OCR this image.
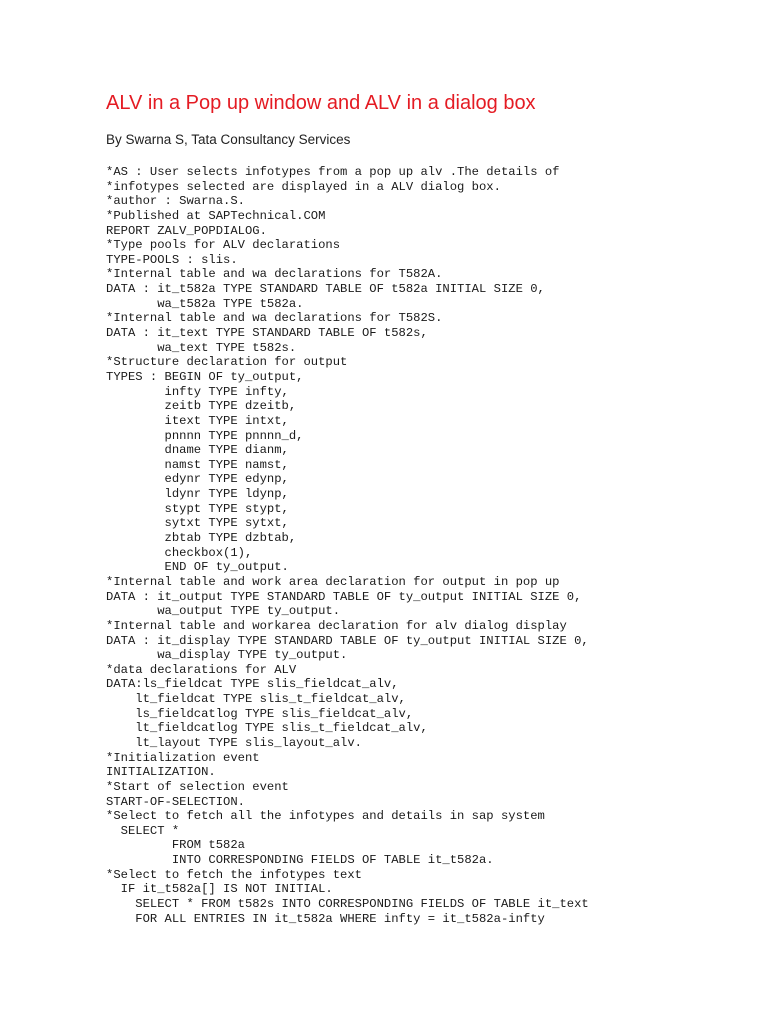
ALV in a Pop up window and ALV in a dialog box

By Swarna S, Tata Consultancy Services

*AS : User selects infotypes from a pop up alv .The details of
*infotypes selected are displayed in a ALV dialog box.
*author : Swarna.S.
*Published at SAPTechnical.COM
REPORT ZALV_POPDIALOG.
*Type pools for ALV declarations
TYPE-POOLS : slis.
*Internal table and wa declarations for T582A.
DATA : it_t582a TYPE STANDARD TABLE OF t582a INITIAL SIZE 0,
wa_t582a TYPE t582a.
*Internal table and wa declarations for T582S.
DATA : it_text TYPE STANDARD TABLE OF t582s,
wa_text TYPE t582s.
*Structure declaration for output
TYPES : BEGIN OF ty_output,
infty TYPE infty,
zeitb TYPE dzeitb,
itext TYPE intxt,
pnnnn TYPE pnnnn_d,
dname TYPE dianm,
namst TYPE namst,
edynr TYPE edynp,
ldynr TYPE ldynp,
stypt TYPE stypt,
sytxt TYPE sytxt,
zbtab TYPE dzbtab,
checkbox(1),
END OF ty_output.
*Internal table and work area declaration for output in pop up
DATA : it_output TYPE STANDARD TABLE OF ty_output INITIAL SIZE 0,
wa_output TYPE ty_output.
*Internal table and workarea declaration for alv dialog display
DATA : it_display TYPE STANDARD TABLE OF ty_output INITIAL SIZE 0,
wa_display TYPE ty_output.
*data declarations for ALV
DATA:ls_fieldcat TYPE slis_fieldcat_alv,
lt_fieldcat TYPE slis_t_fieldcat_alv,
ls_fieldcatlog TYPE slis_fieldcat_alv,
lt_fieldcatlog TYPE slis_t_fieldcat_alv,
lt_layout TYPE slis_layout_alv.
*Initialization event
INITIALIZATION.
*Start of selection event
START-OF-SELECTION.
*Select to fetch all the infotypes and details in sap system
SELECT *
FROM t582a
INTO CORRESPONDING FIELDS OF TABLE it_t582a.
*Select to fetch the infotypes text
IF it_t582a[] IS NOT INITIAL.
SELECT * FROM t582s INTO CORRESPONDING FIELDS OF TABLE it_text
FOR ALL ENTRIES IN it_t582a WHERE infty = it_t582a-infty
